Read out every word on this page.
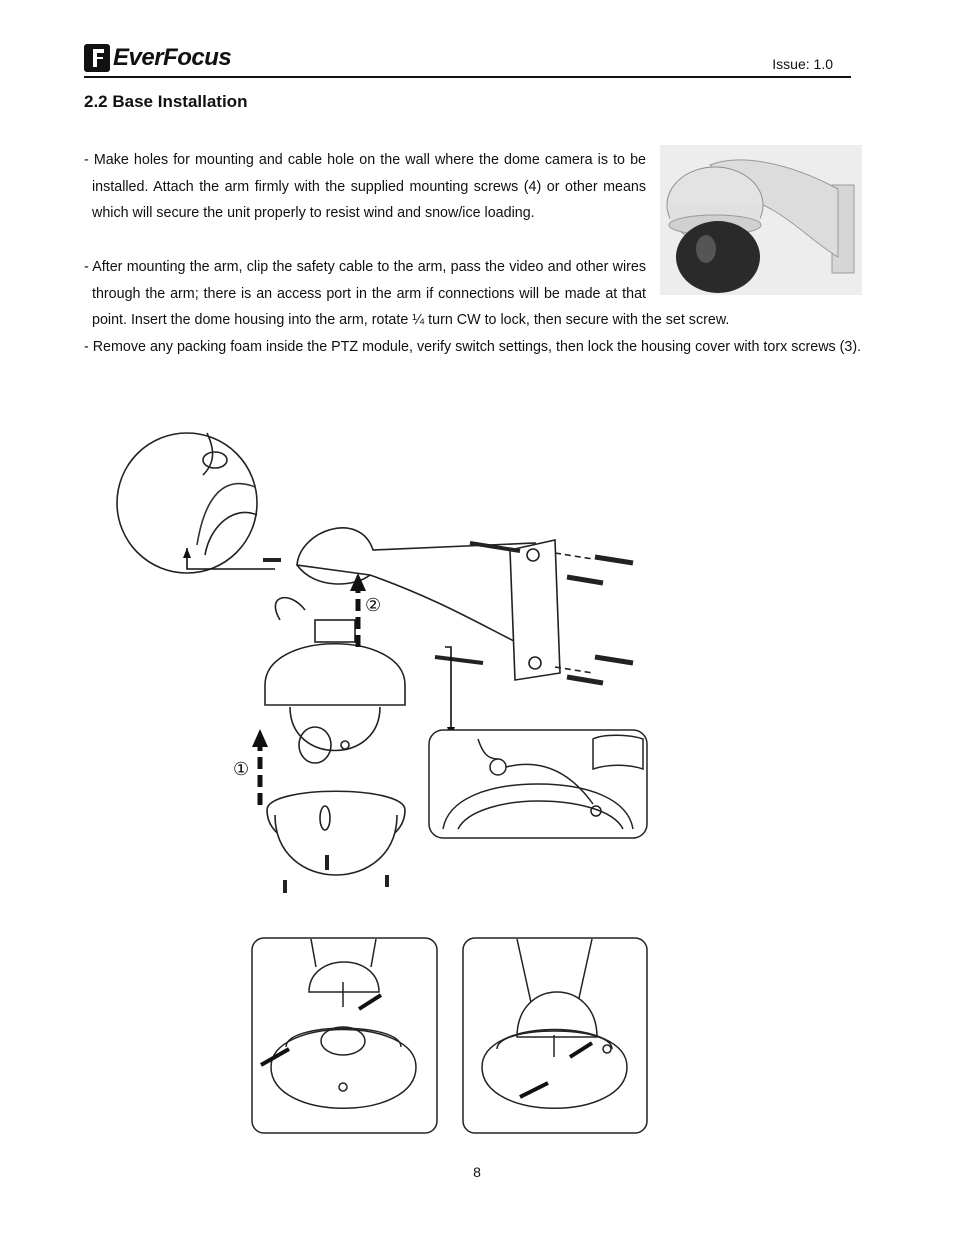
EverFocus	Issue: 1.0
2.2 Base Installation

- Make holes for mounting and cable hole on the wall where the dome camera is to be installed. Attach the arm firmly with the supplied mounting screws (4) or other means which will secure the unit properly to resist wind and snow/ice loading.

- After mounting the arm, clip the safety cable to the arm, pass the video and other wires through the arm; there is an access port in the arm if connections will be made at that point. Insert the dome housing into the arm, rotate ¼ turn CW to lock, then secure with the set screw.

- Remove any packing foam inside the PTZ module, verify switch settings, then lock the housing cover with torx screws (3).

②
①
8
